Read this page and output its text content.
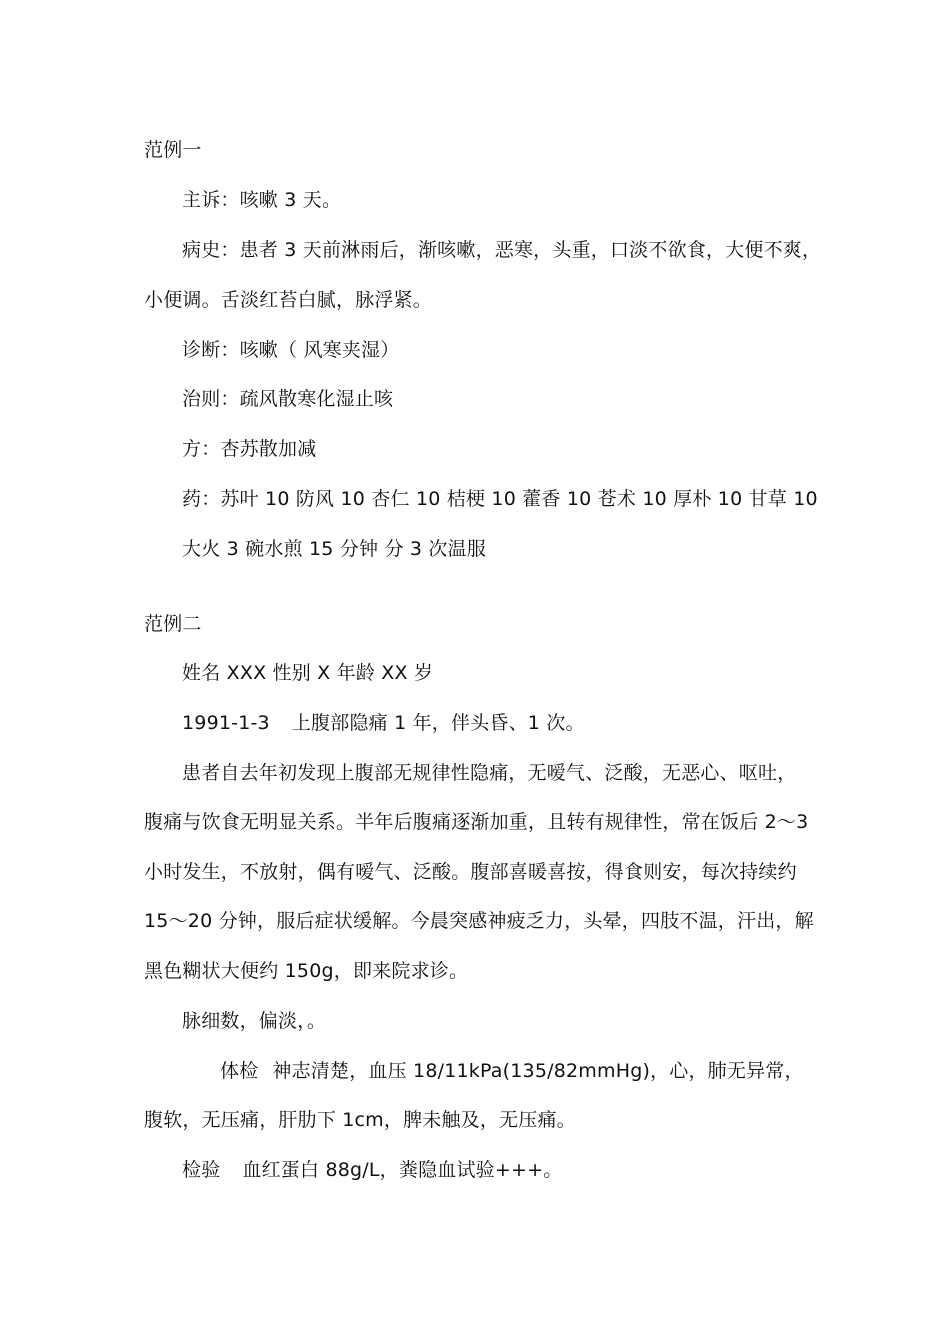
范例一
主诉：咳嗽 3 天。
病史：患者 3 天前淋雨后，渐咳嗽，恶寒，头重，口淡不欲食，大便不爽，
小便调。舌淡红苔白腻，脉浮紧。
诊断：咳嗽（ 风寒夹湿）
治则：疏风散寒化湿止咳
方：杏苏散加减
药：苏叶 10 防风 10 杏仁 10 桔梗 10 藿香 10 苍术 10 厚朴 10 甘草 10
大火 3 碗水煎 15 分钟 分 3 次温服
范例二
姓名 XXX 性别 X 年龄 XX 岁
1991-1-3 上腹部隐痛 1 年，伴头昏、1 次。
患者自去年初发现上腹部无规律性隐痛，无嗳气、泛酸，无恶心、呕吐，
腹痛与饮食无明显关系。半年后腹痛逐渐加重，且转有规律性，常在饭后 2～3
小时发生，不放射，偶有嗳气、泛酸。腹部喜暖喜按，得食则安，每次持续约
15～20 分钟，服后症状缓解。今晨突感神疲乏力，头晕，四肢不温，汗出，解
黑色糊状大便约 150g，即来院求诊。
脉细数，偏淡，。
体检 神志清楚，血压 18/11kPa(135/82mmHg)，心，肺无异常，
腹软，无压痛，肝肋下 1cm，脾未触及，无压痛。
检验 血红蛋白 88g/L，粪隐血试验+++。
